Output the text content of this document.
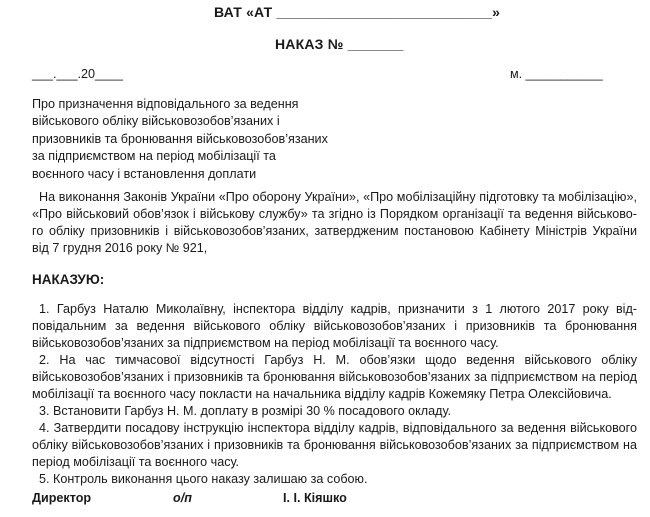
ВАТ «АТ ___________________________»
НАКАЗ № _______
___.___.20____	м. ___________
Про призначення відповідального за ведення
військового обліку військовозобов’язаних і
призовників та бронювання військовозобов’язаних
за підприємством на період мобілізації та
воєнного часу і встановлення доплати
На виконання Законів України «Про оборону України», «Про мобілізаційну підготовку та мобілізацію»,
«Про військовий обов’язок і військову службу» та згідно із Порядком організації та ведення військово-
го обліку призовників і військовозобов’язаних, затвердженим постановою Кабінету Міністрів України
від 7 грудня 2016 року № 921,
НАКАЗУЮ:
1. Гарбуз Наталю Миколаївну, інспектора відділу кадрів, призначити з 1 лютого 2017 року від-
повідальним за ведення військового обліку військовозобов’язаних і призовників та бронювання
військовозобов’язаних за підприємством на період мобілізації та воєнного часу.
2. На час тимчасової відсутності Гарбуз Н. М. обов’язки щодо ведення військового обліку
військовозобов’язаних і призовників та бронювання військовозобов’язаних за підприємством на період
мобілізації та воєнного часу покласти на начальника відділу кадрів Кожемяку Петра Олексійовича.
3. Встановити Гарбуз Н. М. доплату в розмірі 30 % посадового окладу.
4. Затвердити посадову інструкцію інспектора відділу кадрів, відповідального за ведення військового
обліку військовозобов’язаних і призовників та бронювання військовозобов’язаних за підприємством на
період мобілізації та воєнного часу.
5. Контроль виконання цього наказу залишаю за собою.
Директор	о/п	І. І. Кіяшко
